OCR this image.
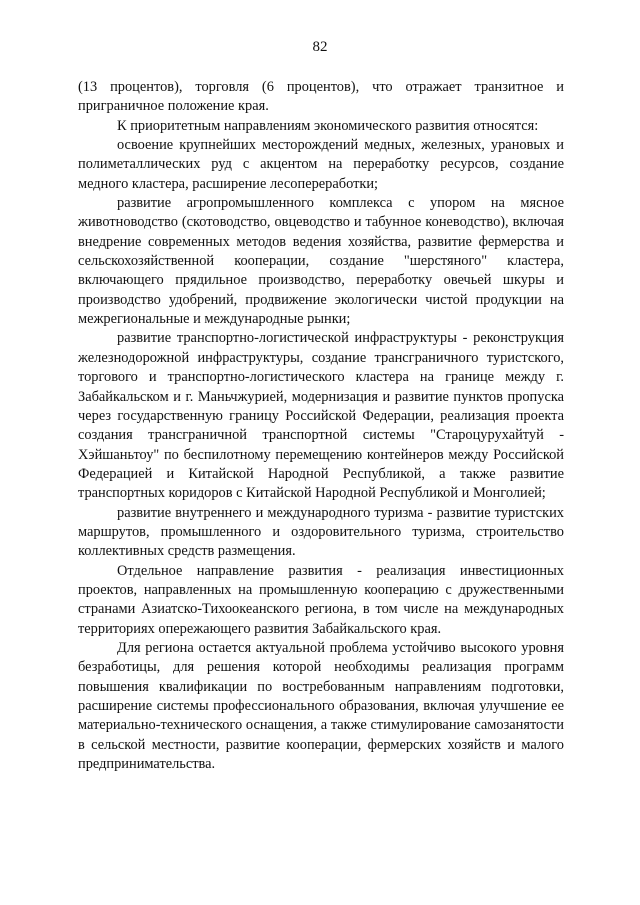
82

(13 процентов), торговля (6 процентов), что отражает транзитное и приграничное положение края.

К приоритетным направлениям экономического развития относятся:

освоение крупнейших месторождений медных, железных, урановых и полиметаллических руд с акцентом на переработку ресурсов, создание медного кластера, расширение лесопереработки;

развитие агропромышленного комплекса с упором на мясное животноводство (скотоводство, овцеводство и табунное коневодство), включая внедрение современных методов ведения хозяйства, развитие фермерства и сельскохозяйственной кооперации, создание "шерстяного" кластера, включающего прядильное производство, переработку овечьей шкуры и производство удобрений, продвижение экологически чистой продукции на межрегиональные и международные рынки;

развитие транспортно-логистической инфраструктуры - реконструкция железнодорожной инфраструктуры, создание трансграничного туристского, торгового и транспортно-логистического кластера на границе между г. Забайкальском и г. Маньчжурией, модернизация и развитие пунктов пропуска через государственную границу Российской Федерации, реализация проекта создания трансграничной транспортной системы "Староцурухайтуй - Хэйшаньтоу" по беспилотному перемещению контейнеров между Российской Федерацией и Китайской Народной Республикой, а также развитие транспортных коридоров с Китайской Народной Республикой и Монголией;

развитие внутреннего и международного туризма - развитие туристских маршрутов, промышленного и оздоровительного туризма, строительство коллективных средств размещения.

Отдельное направление развития - реализация инвестиционных проектов, направленных на промышленную кооперацию с дружественными странами Азиатско-Тихоокеанского региона, в том числе на международных территориях опережающего развития Забайкальского края.

Для региона остается актуальной проблема устойчиво высокого уровня безработицы, для решения которой необходимы реализация программ повышения квалификации по востребованным направлениям подготовки, расширение системы профессионального образования, включая улучшение ее материально-технического оснащения, а также стимулирование самозанятости в сельской местности, развитие кооперации, фермерских хозяйств и малого предпринимательства.
